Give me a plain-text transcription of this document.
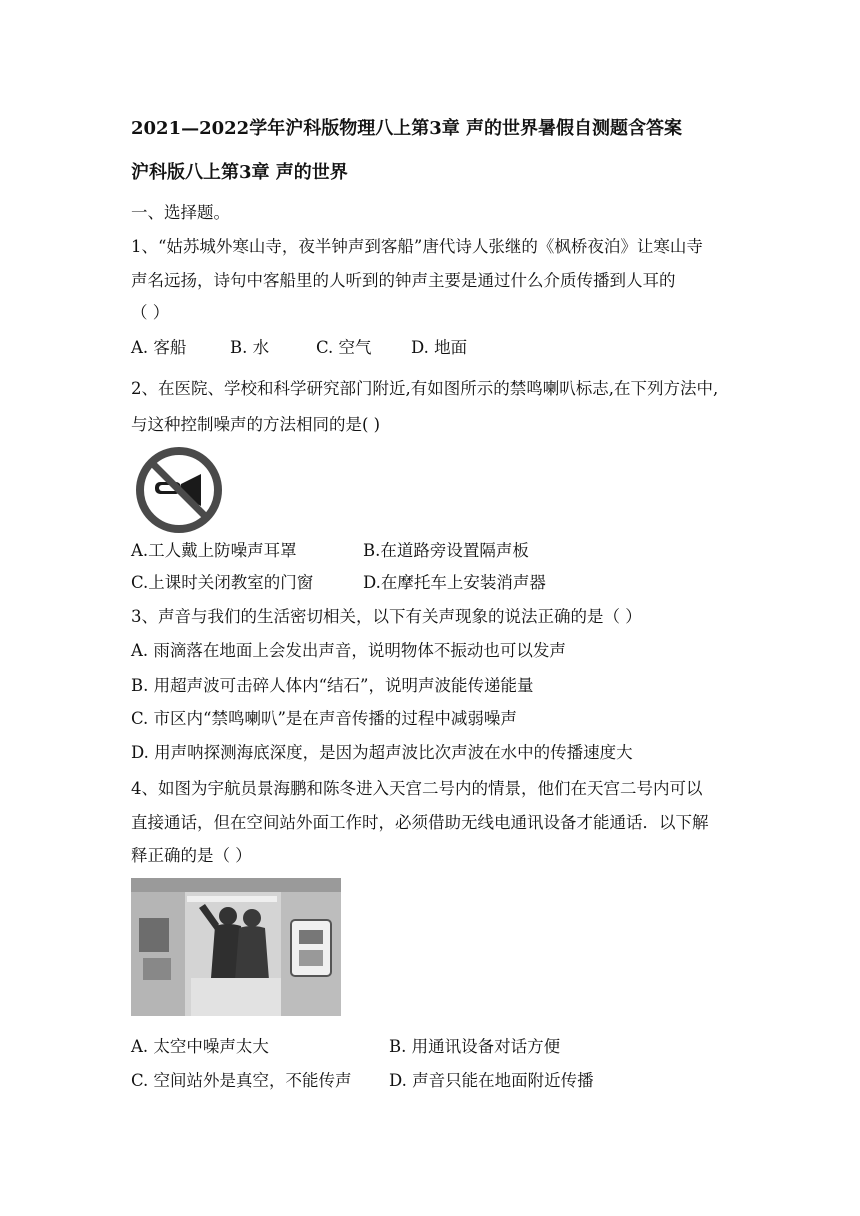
2021—2022学年沪科版物理八上第3章 声的世界暑假自测题含答案
沪科版八上第3章 声的世界
一、选择题。
1、“姑苏城外寒山寺，夜半钟声到客船”唐代诗人张继的《枫桥夜泊》让寒山寺
声名远扬，诗句中客船里的人听到的钟声主要是通过什么介质传播到人耳的
（ ）
A. 客船	B. 水	C. 空气 D. 地面
2、在医院、学校和科学研究部门附近,有如图所示的禁鸣喇叭标志,在下列方法中,
与这种控制噪声的方法相同的是( )
A.工人戴上防噪声耳罩	B.在道路旁设置隔声板
C.上课时关闭教室的门窗	D.在摩托车上安装消声器
3、声音与我们的生活密切相关，以下有关声现象的说法正确的是（ ）
A. 雨滴落在地面上会发出声音，说明物体不振动也可以发声
B. 用超声波可击碎人体内“结石”，说明声波能传递能量
C. 市区内“禁鸣喇叭”是在声音传播的过程中减弱噪声
D. 用声呐探测海底深度，是因为超声波比次声波在水中的传播速度大
4、如图为宇航员景海鹏和陈冬进入天宫二号内的情景，他们在天宫二号内可以
直接通话，但在空间站外面工作时，必须借助无线电通讯设备才能通话．以下解
释正确的是（ ）
A. 太空中噪声太大	B. 用通讯设备对话方便
C. 空间站外是真空，不能传声 D. 声音只能在地面附近传播
